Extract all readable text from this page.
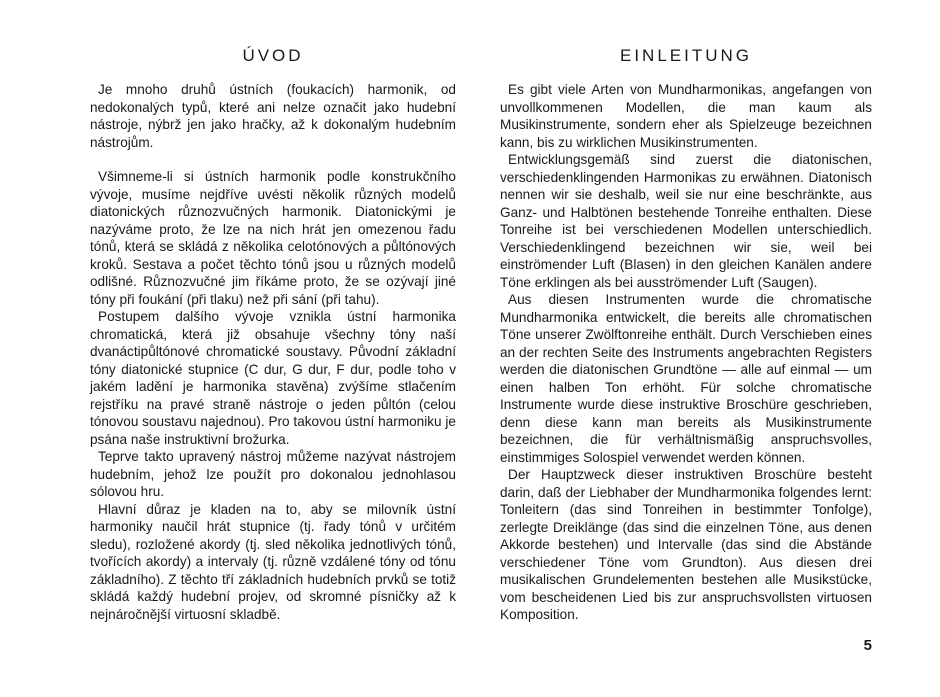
ÚVOD

Je mnoho druhů ústních (foukacích) harmonik, od nedokonalých typů, které ani nelze označit jako hudební nástroje, nýbrž jen jako hračky, až k dokonalým hudebním nástrojům.

Všimneme-li si ústních harmonik podle konstrukčního vývoje, musíme nejdříve uvésti několik různých modelů diatonických různozvučných harmonik. Diatonickými je nazýváme proto, že lze na nich hrát jen omezenou řadu tónů, která se skládá z několika celotónových a půltónových kroků. Sestava a počet těchto tónů jsou u různých modelů odlišné. Různozvučné jim říkáme proto, že se ozývají jiné tóny při foukání (při tlaku) než při sání (při tahu).

Postupem dalšího vývoje vznikla ústní harmonika chromatická, která již obsahuje všechny tóny naší dvanáctipůltónové chromatické soustavy. Původní základní tóny diatonické stupnice (C dur, G dur, F dur, podle toho v jakém ladění je harmonika stavěna) zvýšíme stlačením rejstříku na pravé straně nástroje o jeden půltón (celou tónovou soustavu najednou). Pro takovou ústní harmoniku je psána naše instruktivní brožurka.

Teprve takto upravený nástroj můžeme nazývat nástrojem hudebním, jehož lze použít pro dokonalou jednohlasou sólovou hru.

Hlavní důraz je kladen na to, aby se milovník ústní harmoniky naučil hrát stupnice (tj. řady tónů v určitém sledu), rozložené akordy (tj. sled několika jednotlivých tónů, tvořících akordy) a intervaly (tj. různě vzdálené tóny od tónu základního). Z těchto tří základních hudebních prvků se totiž skládá každý hudební projev, od skromné písničky až k nejnáročnější virtuosní skladbě.

EINLEITUNG

Es gibt viele Arten von Mundharmonikas, angefangen von unvollkommenen Modellen, die man kaum als Musikinstrumente, sondern eher als Spielzeuge bezeichnen kann, bis zu wirklichen Musikinstrumenten.

Entwicklungsgemäß sind zuerst die diatonischen, verschiedenklingenden Harmonikas zu erwähnen. Diatonisch nennen wir sie deshalb, weil sie nur eine beschränkte, aus Ganz- und Halbtönen bestehende Tonreihe enthalten. Diese Tonreihe ist bei verschiedenen Modellen unterschiedlich. Verschiedenklingend bezeichnen wir sie, weil bei einströmender Luft (Blasen) in den gleichen Kanälen andere Töne erklingen als bei ausströmender Luft (Saugen).

Aus diesen Instrumenten wurde die chromatische Mundharmonika entwickelt, die bereits alle chromatischen Töne unserer Zwölftonreihe enthält. Durch Verschieben eines an der rechten Seite des Instruments angebrachten Registers werden die diatonischen Grundtöne — alle auf einmal — um einen halben Ton erhöht. Für solche chromatische Instrumente wurde diese instruktive Broschüre geschrieben, denn diese kann man bereits als Musikinstrumente bezeichnen, die für verhältnismäßig anspruchsvolles, einstimmiges Solospiel verwendet werden können.

Der Hauptzweck dieser instruktiven Broschüre besteht darin, daß der Liebhaber der Mundharmonika folgendes lernt: Tonleitern (das sind Tonreihen in bestimmter Tonfolge), zerlegte Dreiklänge (das sind die einzelnen Töne, aus denen Akkorde bestehen) und Intervalle (das sind die Abstände verschiedener Töne vom Grundton). Aus diesen drei musikalischen Grundelementen bestehen alle Musikstücke, vom bescheidenen Lied bis zur anspruchsvollsten virtuosen Komposition.

5
